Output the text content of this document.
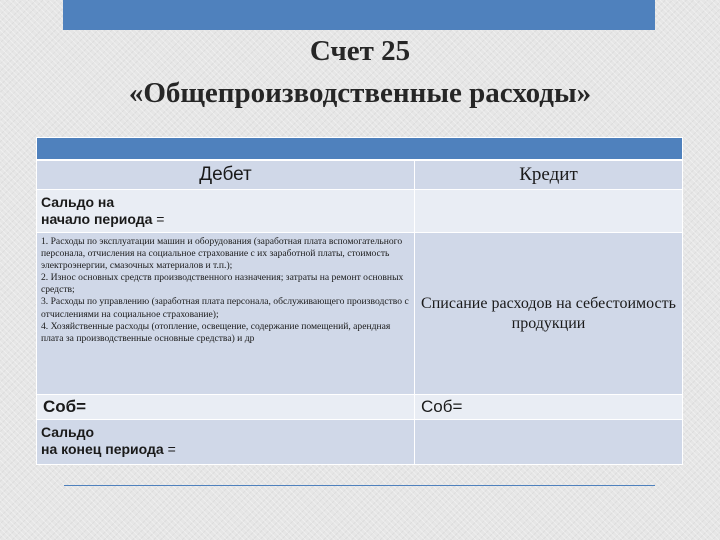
Счет 25
«Общепроизводственные расходы»

Дебет	Кредит

Сальдо на
начало периода =	

1. Расходы по эксплуатации машин и оборудования (заработная плата вспомогательного персонала, отчисления на социальное страхование с их заработной платы, стоимость электроэнергии, смазочных материалов и т.п.);
2. Износ основных средств производственного назначения; затраты на ремонт основных средств;
3. Расходы по управлению (заработная плата персонала, обслуживающего производство с отчислениями на социальное страхование);
4. Хозяйственные расходы (отопление, освещение, содержание помещений, арендная плата за производственные основные средства) и др	Списание расходов на себестоимость продукции
Соб=	Соб=

Сальдо
на конец периода =	
